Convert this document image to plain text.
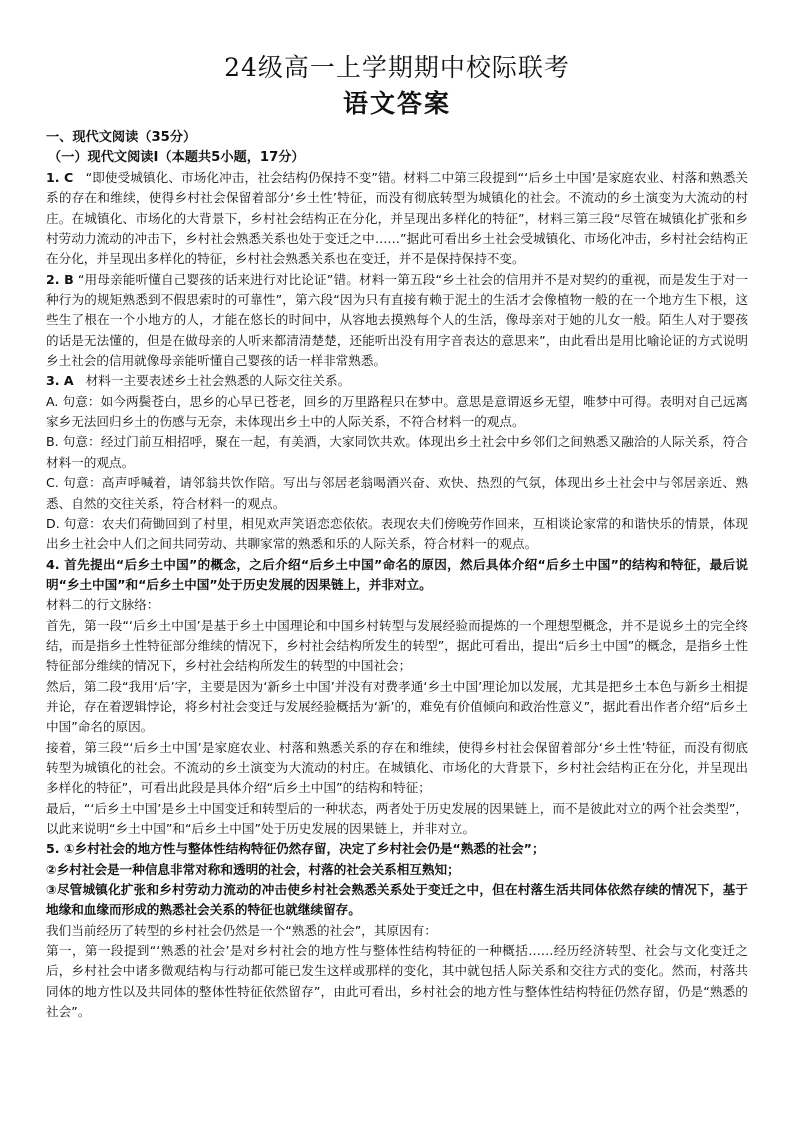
24级高一上学期期中校际联考
语文答案
一、现代文阅读（35分）
（一）现代文阅读Ⅰ（本题共5小题，17分）

1. C “即使受城镇化、市场化冲击，社会结构仍保持不变”错。材料二中第三段提到“‘后乡土中国’是家庭农业、村落和熟悉关系的存在和维续，使得乡村社会保留着部分‘乡土性’特征，而没有彻底转型为城镇化的社会。不流动的乡土演变为大流动的村庄。在城镇化、市场化的大背景下，乡村社会结构正在分化，并呈现出多样化的特征”，材料三第三段“尽管在城镇化扩张和乡村劳动力流动的冲击下，乡村社会熟悉关系也处于变迁之中……”据此可看出乡土社会受城镇化、市场化冲击，乡村社会结构正在分化，并呈现出多样化的特征，乡村社会熟悉关系也在变迁，并不是保持保持不变。

2. B “用母亲能听懂自己婴孩的话来进行对比论证”错。材料一第五段“乡土社会的信用并不是对契约的重视，而是发生于对一种行为的规矩熟悉到不假思索时的可靠性”，第六段“因为只有直接有赖于泥土的生活才会像植物一般的在一个地方生下根，这些生了根在一个小地方的人，才能在悠长的时间中，从容地去摸熟每个人的生活，像母亲对于她的儿女一般。陌生人对于婴孩的话是无法懂的，但是在做母亲的人听来都清清楚楚，还能听出没有用字音表达的意思来”，由此看出是用比喻论证的方式说明乡土社会的信用就像母亲能听懂自己婴孩的话一样非常熟悉。

3. A 材料一主要表述乡土社会熟悉的人际交往关系。

A. 句意：如今两鬓苍白，思乡的心早已苍老，回乡的万里路程只在梦中。意思是意谓返乡无望，唯梦中可得。表明对自己远离家乡无法回归乡土的伤感与无奈，未体现出乡土中的人际关系，不符合材料一的观点。

B. 句意：经过门前互相招呼，聚在一起，有美酒，大家同饮共欢。体现出乡土社会中乡邻们之间熟悉又融洽的人际关系，符合材料一的观点。

C. 句意：高声呼喊着，请邻翁共饮作陪。写出与邻居老翁喝酒兴奋、欢快、热烈的气氛，体现出乡土社会中与邻居亲近、熟悉、自然的交往关系，符合材料一的观点。

D. 句意：农夫们荷锄回到了村里，相见欢声笑语恋恋依依。表现农夫们傍晚劳作回来，互相谈论家常的和谐快乐的情景，体现出乡土社会中人们之间共同劳动、共聊家常的熟悉和乐的人际关系，符合材料一的观点。

4. 首先提出“后乡土中国”的概念，之后介绍“后乡土中国”命名的原因，然后具体介绍“后乡土中国”的结构和特征，最后说明“乡土中国”和“后乡土中国”处于历史发展的因果链上，并非对立。

材料二的行文脉络：

首先，第一段“‘后乡土中国’是基于乡土中国理论和中国乡村转型与发展经验而提炼的一个理想型概念，并不是说乡土的完全终结，而是指乡土性特征部分维续的情况下，乡村社会结构所发生的转型”，据此可看出，提出“后乡土中国”的概念，是指乡土性特征部分维续的情况下，乡村社会结构所发生的转型的中国社会；

然后，第二段“我用‘后’字，主要是因为‘新乡土中国’并没有对费孝通‘乡土中国’理论加以发展，尤其是把乡土本色与新乡土相提并论，存在着逻辑悖论，将乡村社会变迁与发展经验概括为‘新’的，难免有价值倾向和政治性意义”，据此看出作者介绍“后乡土中国”命名的原因。

接着，第三段“‘后乡土中国’是家庭农业、村落和熟悉关系的存在和维续，使得乡村社会保留着部分‘乡土性’特征，而没有彻底转型为城镇化的社会。不流动的乡土演变为大流动的村庄。在城镇化、市场化的大背景下，乡村社会结构正在分化，并呈现出多样化的特征”，可看出此段是具体介绍“后乡土中国”的结构和特征；

最后，“‘后乡土中国’是乡土中国变迁和转型后的一种状态，两者处于历史发展的因果链上，而不是彼此对立的两个社会类型”，以此来说明“乡土中国”和“后乡土中国”处于历史发展的因果链上，并非对立。

5. ①乡村社会的地方性与整体性结构特征仍然存留，决定了乡村社会仍是“熟悉的社会”；

②乡村社会是一种信息非常对称和透明的社会，村落的社会关系相互熟知；

③尽管城镇化扩张和乡村劳动力流动的冲击使乡村社会熟悉关系处于变迁之中，但在村落生活共同体依然存续的情况下，基于地缘和血缘而形成的熟悉社会关系的特征也就继续留存。

我们当前经历了转型的乡村社会仍然是一个“熟悉的社会”，其原因有：

第一，第一段提到“‘熟悉的社会’是对乡村社会的地方性与整体性结构特征的一种概括……经历经济转型、社会与文化变迁之后，乡村社会中诸多微观结构与行动都可能已发生这样或那样的变化，其中就包括人际关系和交往方式的变化。然而，村落共同体的地方性以及共同体的整体性特征依然留存”，由此可看出，乡村社会的地方性与整体性结构特征仍然存留，仍是“熟悉的社会”。
